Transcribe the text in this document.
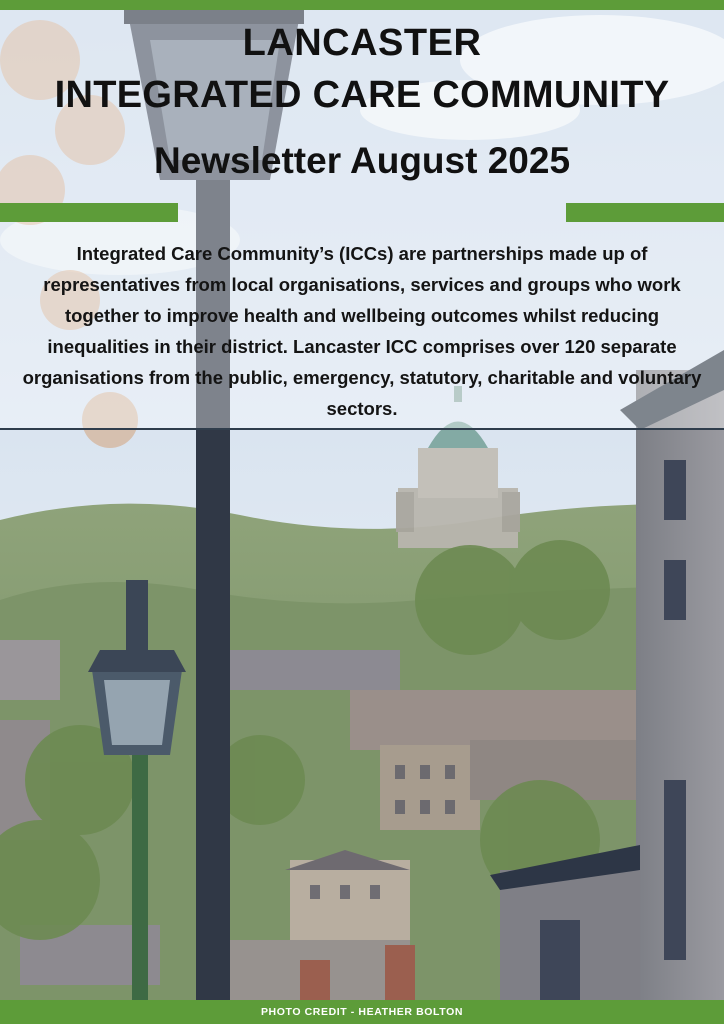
LANCASTER
INTEGRATED CARE COMMUNITY
Newsletter August 2025

Integrated Care Community’s (ICCs) are partnerships made up of representatives from local organisations, services and groups who work together to improve health and wellbeing outcomes whilst reducing inequalities in their district. Lancaster ICC comprises over 120 separate organisations from the public, emergency, statutory, charitable and voluntary sectors.

PHOTO CREDIT - HEATHER BOLTON
